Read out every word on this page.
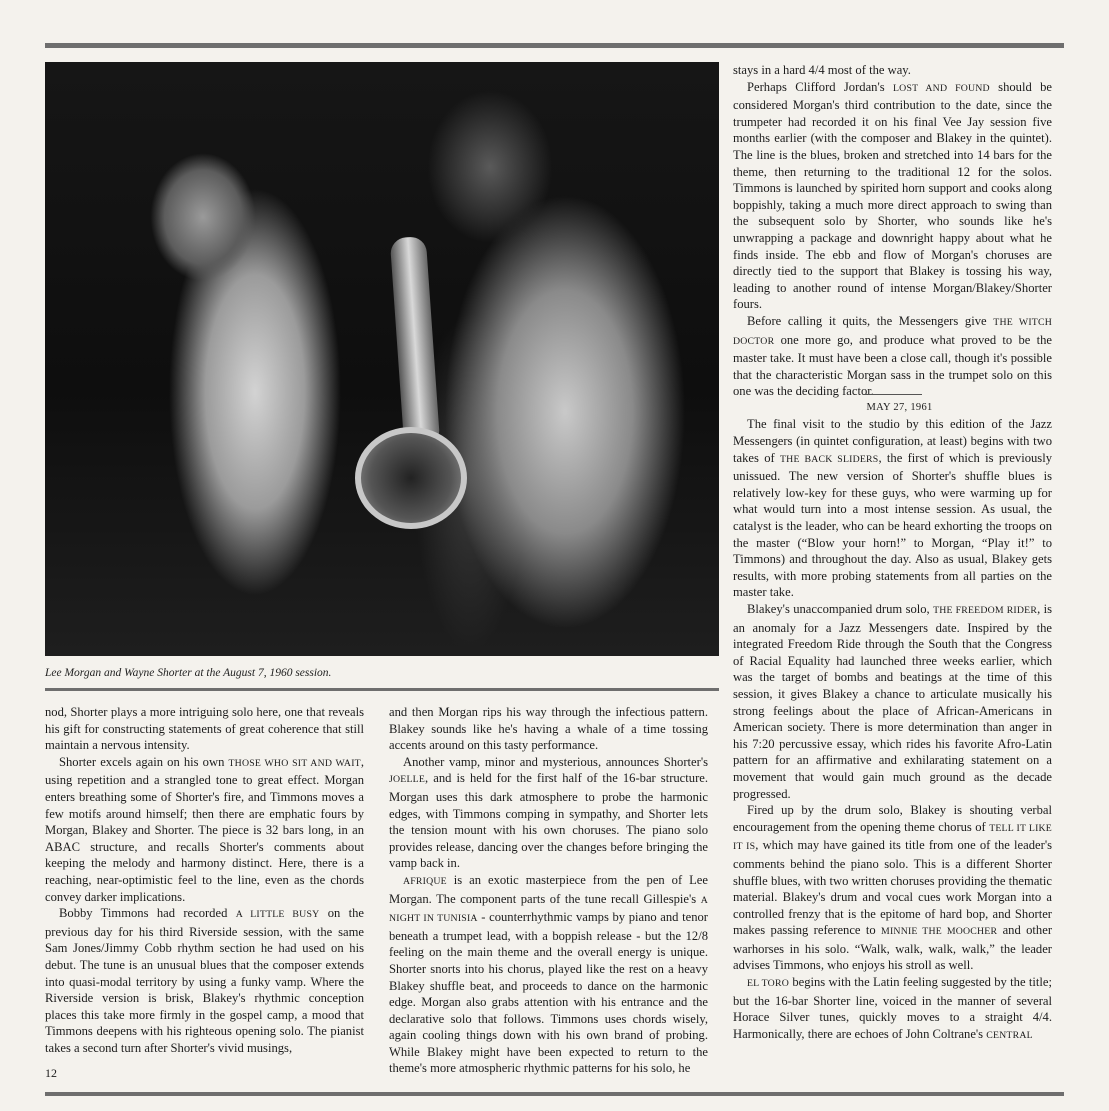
Lee Morgan and Wayne Shorter at the August 7, 1960 session.

nod, Shorter plays a more intriguing solo here, one that reveals his gift for constructing statements of great coherence that still maintain a nervous intensity.

Shorter excels again on his own THOSE WHO SIT AND WAIT, using repetition and a strangled tone to great effect. Morgan enters breathing some of Shorter's fire, and Timmons moves a few motifs around himself; then there are emphatic fours by Morgan, Blakey and Shorter. The piece is 32 bars long, in an ABAC structure, and recalls Shorter's comments about keeping the melody and harmony distinct. Here, there is a reaching, near-optimistic feel to the line, even as the chords convey darker implications.

Bobby Timmons had recorded A LITTLE BUSY on the previous day for his third Riverside session, with the same Sam Jones/Jimmy Cobb rhythm section he had used on his debut. The tune is an unusual blues that the composer extends into quasi-modal territory by using a funky vamp. Where the Riverside version is brisk, Blakey's rhythmic conception places this take more firmly in the gospel camp, a mood that Timmons deepens with his righteous opening solo. The pianist takes a second turn after Shorter's vivid musings,

and then Morgan rips his way through the infectious pattern. Blakey sounds like he's having a whale of a time tossing accents around on this tasty performance.

Another vamp, minor and mysterious, announces Shorter's JOELLE, and is held for the first half of the 16-bar structure. Morgan uses this dark atmosphere to probe the harmonic edges, with Timmons comping in sympathy, and Shorter lets the tension mount with his own choruses. The piano solo provides release, dancing over the changes before bringing the vamp back in.

AFRIQUE is an exotic masterpiece from the pen of Lee Morgan. The component parts of the tune recall Gillespie's A NIGHT IN TUNISIA - counterrhythmic vamps by piano and tenor beneath a trumpet lead, with a boppish release - but the 12/8 feeling on the main theme and the overall energy is unique. Shorter snorts into his chorus, played like the rest on a heavy Blakey shuffle beat, and proceeds to dance on the harmonic edge. Morgan also grabs attention with his entrance and the declarative solo that follows. Timmons uses chords wisely, again cooling things down with his own brand of probing. While Blakey might have been expected to return to the theme's more atmospheric rhythmic patterns for his solo, he

stays in a hard 4/4 most of the way.

Perhaps Clifford Jordan's LOST AND FOUND should be considered Morgan's third contribution to the date, since the trumpeter had recorded it on his final Vee Jay session five months earlier (with the composer and Blakey in the quintet). The line is the blues, broken and stretched into 14 bars for the theme, then returning to the traditional 12 for the solos. Timmons is launched by spirited horn support and cooks along boppishly, taking a much more direct approach to swing than the subsequent solo by Shorter, who sounds like he's unwrapping a package and downright happy about what he finds inside. The ebb and flow of Morgan's choruses are directly tied to the support that Blakey is tossing his way, leading to another round of intense Morgan/Blakey/Shorter fours.

Before calling it quits, the Messengers give THE WITCH DOCTOR one more go, and produce what proved to be the master take. It must have been a close call, though it's possible that the characteristic Morgan sass in the trumpet solo on this one was the deciding factor.

MAY 27, 1961

The final visit to the studio by this edition of the Jazz Messengers (in quintet configuration, at least) begins with two takes of THE BACK SLIDERS, the first of which is previously unissued. The new version of Shorter's shuffle blues is relatively low-key for these guys, who were warming up for what would turn into a most intense session. As usual, the catalyst is the leader, who can be heard exhorting the troops on the master (“Blow your horn!” to Morgan, “Play it!” to Timmons) and throughout the day. Also as usual, Blakey gets results, with more probing statements from all parties on the master take.

Blakey's unaccompanied drum solo, THE FREEDOM RIDER, is an anomaly for a Jazz Messengers date. Inspired by the integrated Freedom Ride through the South that the Congress of Racial Equality had launched three weeks earlier, which was the target of bombs and beatings at the time of this session, it gives Blakey a chance to articulate musically his strong feelings about the place of African-Americans in American society. There is more determination than anger in his 7:20 percussive essay, which rides his favorite Afro-Latin pattern for an affirmative and exhilarating statement on a movement that would gain much ground as the decade progressed.

Fired up by the drum solo, Blakey is shouting verbal encouragement from the opening theme chorus of TELL IT LIKE IT IS, which may have gained its title from one of the leader's comments behind the piano solo. This is a different Shorter shuffle blues, with two written choruses providing the thematic material. Blakey's drum and vocal cues work Morgan into a controlled frenzy that is the epitome of hard bop, and Shorter makes passing reference to MINNIE THE MOOCHER and other warhorses in his solo. “Walk, walk, walk, walk,” the leader advises Timmons, who enjoys his stroll as well.

EL TORO begins with the Latin feeling suggested by the title; but the 16-bar Shorter line, voiced in the manner of several Horace Silver tunes, quickly moves to a straight 4/4. Harmonically, there are echoes of John Coltrane's CENTRAL

12
